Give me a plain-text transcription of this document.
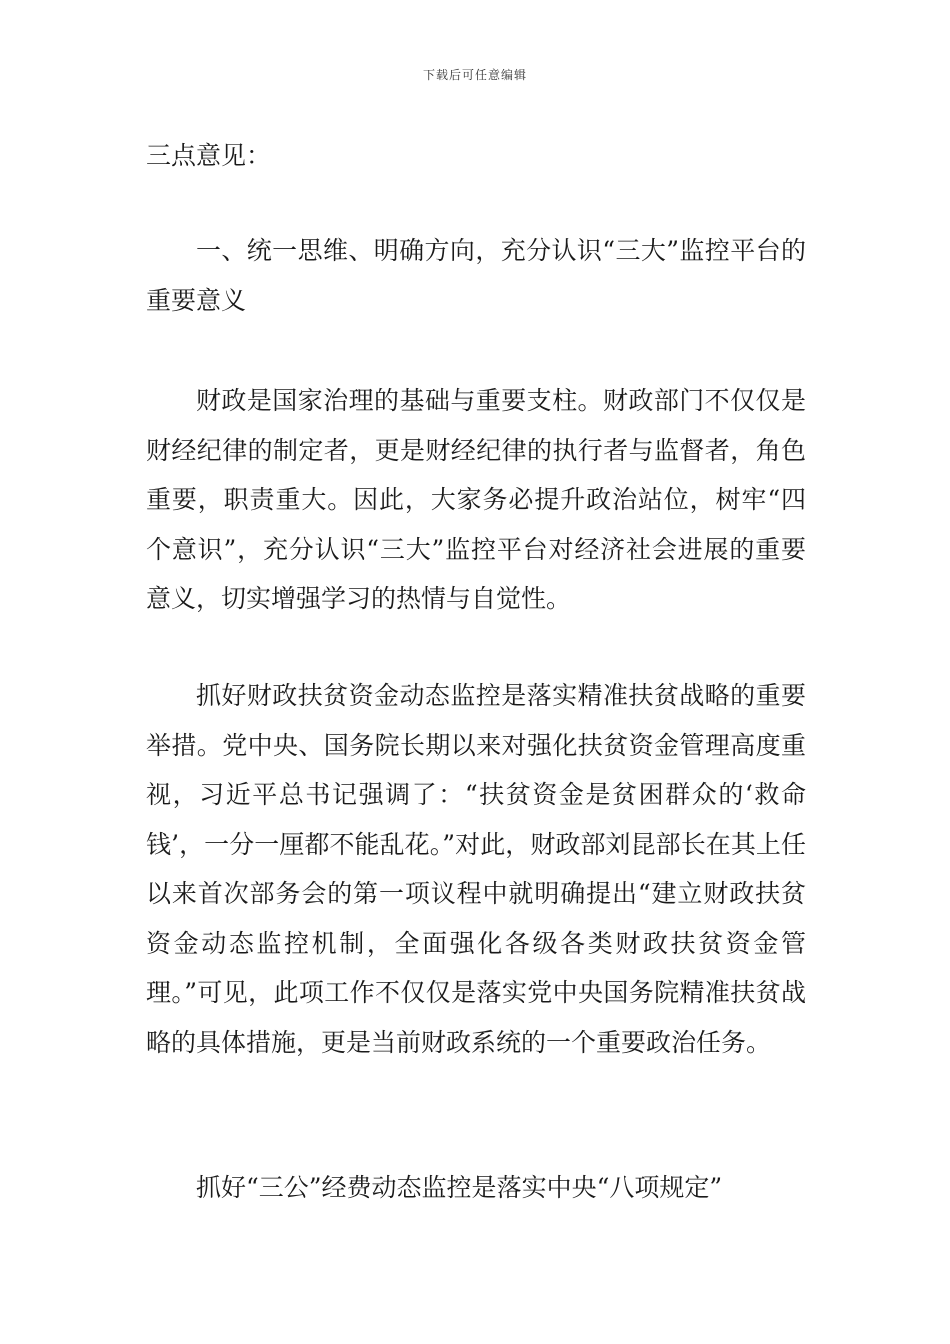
下载后可任意编辑

三点意见：

一、统一思维、明确方向，充分认识“三大”监控平台的重要意义

财政是国家治理的基础与重要支柱。财政部门不仅仅是财经纪律的制定者，更是财经纪律的执行者与监督者，角色重要，职责重大。因此，大家务必提升政治站位，树牢“四个意识”，充分认识“三大”监控平台对经济社会进展的重要意义，切实增强学习的热情与自觉性。

抓好财政扶贫资金动态监控是落实精准扶贫战略的重要举措。党中央、国务院长期以来对强化扶贫资金管理高度重视，习近平总书记强调了：“扶贫资金是贫困群众的‘救命钱’，一分一厘都不能乱花。”对此，财政部刘昆部长在其上任以来首次部务会的第一项议程中就明确提出“建立财政扶贫资金动态监控机制，全面强化各级各类财政扶贫资金管理。”可见，此项工作不仅仅是落实党中央国务院精准扶贫战略的具体措施，更是当前财政系统的一个重要政治任务。

抓好“三公”经费动态监控是落实中央“八项规定”
